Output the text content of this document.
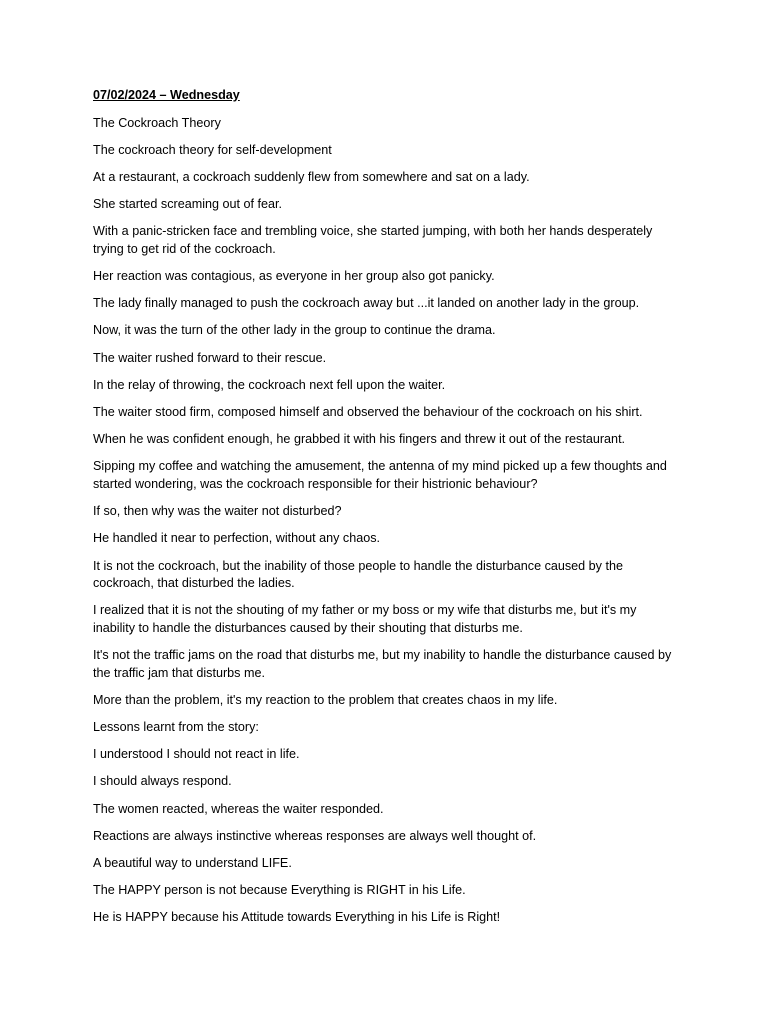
07/02/2024 – Wednesday

The Cockroach Theory

The cockroach theory for self-development

At a restaurant, a cockroach suddenly flew from somewhere and sat on a lady.

She started screaming out of fear.

With a panic-stricken face and trembling voice, she started jumping, with both her hands desperately trying to get rid of the cockroach.

Her reaction was contagious, as everyone in her group also got panicky.

The lady finally managed to push the cockroach away but ...it landed on another lady in the group.

Now, it was the turn of the other lady in the group to continue the drama.

The waiter rushed forward to their rescue.

In the relay of throwing, the cockroach next fell upon the waiter.

The waiter stood firm, composed himself and observed the behaviour of the cockroach on his shirt.

When he was confident enough, he grabbed it with his fingers and threw it out of the restaurant.

Sipping my coffee and watching the amusement, the antenna of my mind picked up a few thoughts and started wondering, was the cockroach responsible for their histrionic behaviour?

If so, then why was the waiter not disturbed?

He handled it near to perfection, without any chaos.

It is not the cockroach, but the inability of those people to handle the disturbance caused by the cockroach, that disturbed the ladies.

I realized that it is not the shouting of my father or my boss or my wife that disturbs me, but it's my inability to handle the disturbances caused by their shouting that disturbs me.

It's not the traffic jams on the road that disturbs me, but my inability to handle the disturbance caused by the traffic jam that disturbs me.

More than the problem, it's my reaction to the problem that creates chaos in my life.

Lessons learnt from the story:

I understood I should not react in life.

I should always respond.

The women reacted, whereas the waiter responded.

Reactions are always instinctive whereas responses are always well thought of.

A beautiful way to understand LIFE.

The HAPPY person is not because Everything is RIGHT in his Life.

He is HAPPY because his Attitude towards Everything in his Life is Right!
